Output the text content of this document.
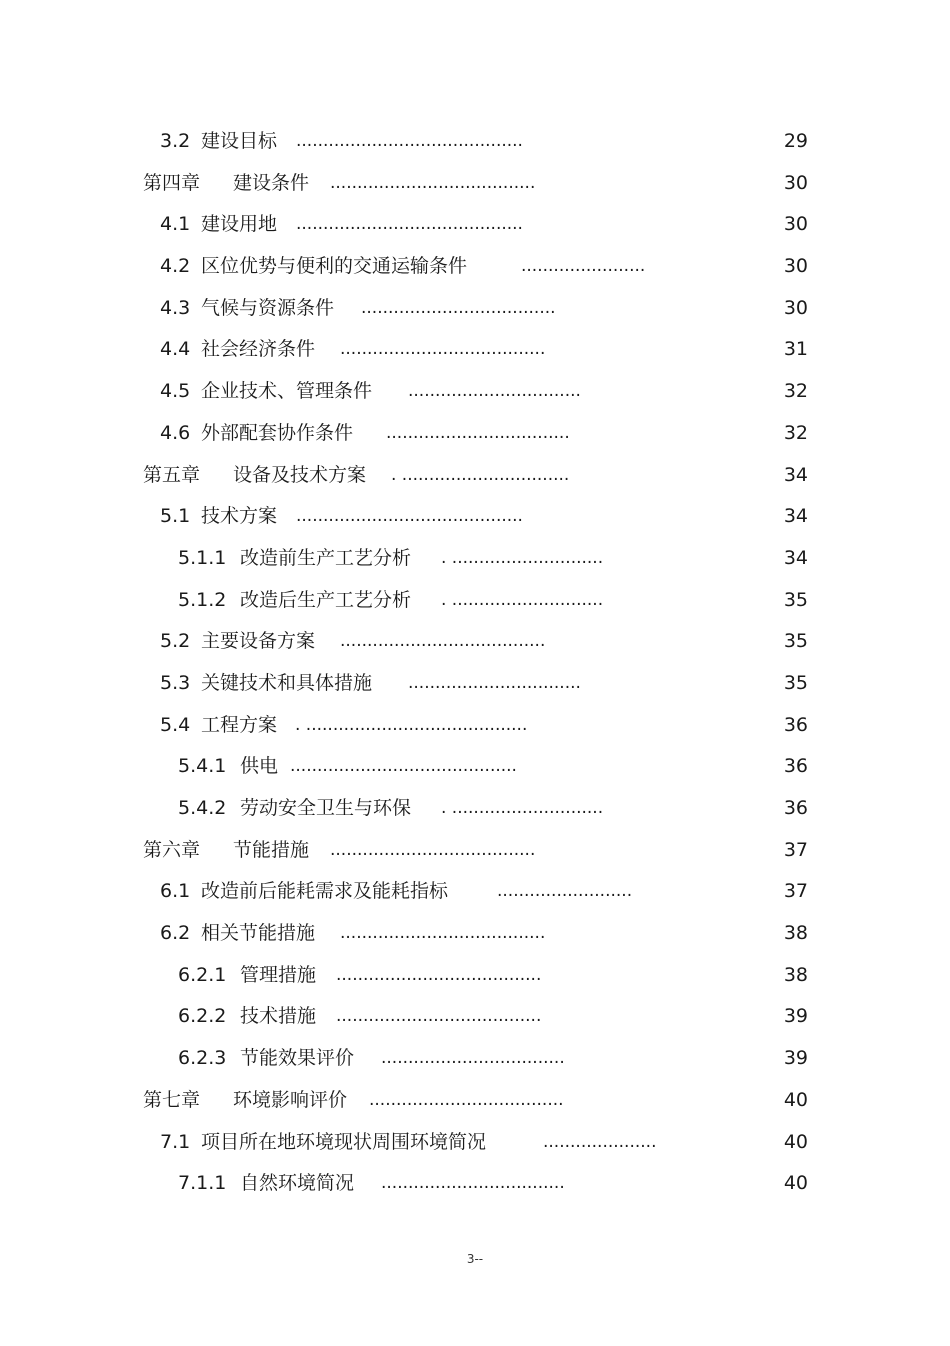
3.2 建设目标 ..........................................	29
第四章 建设条件 ......................................	30
4.1 建设用地 ..........................................	30
4.2 区位优势与便利的交通运输条件	.......................	30
4.3 气候与资源条件 ....................................	30
4.4 社会经济条件 ......................................	31
4.5 企业技术、管理条件 ................................	32
4.6 外部配套协作条件 ..................................	32
第五章 设备及技术方案 . ...............................	34
5.1 技术方案 ..........................................	34
5.1.1 改造前生产工艺分析 . ............................	34
5.1.2 改造后生产工艺分析 . ............................	35
5.2 主要设备方案 ......................................	35
5.3 关键技术和具体措施 ................................	35
5.4 工程方案 . .........................................	36
5.4.1 供电 ..........................................	36
5.4.2 劳动安全卫生与环保 . ............................	36
第六章 节能措施 ......................................	37
6.1 改造前后能耗需求及能耗指标	.........................	37
6.2 相关节能措施 ......................................	38
6.2.1 管理措施 ......................................	38
6.2.2 技术措施 ......................................	39
6.2.3 节能效果评价 ..................................	39
第七章 环境影响评价 ....................................	40
7.1 项目所在地环境现状周围环境简况	.....................	40
7.1.1 自然环境简况 ..................................	40
3--
